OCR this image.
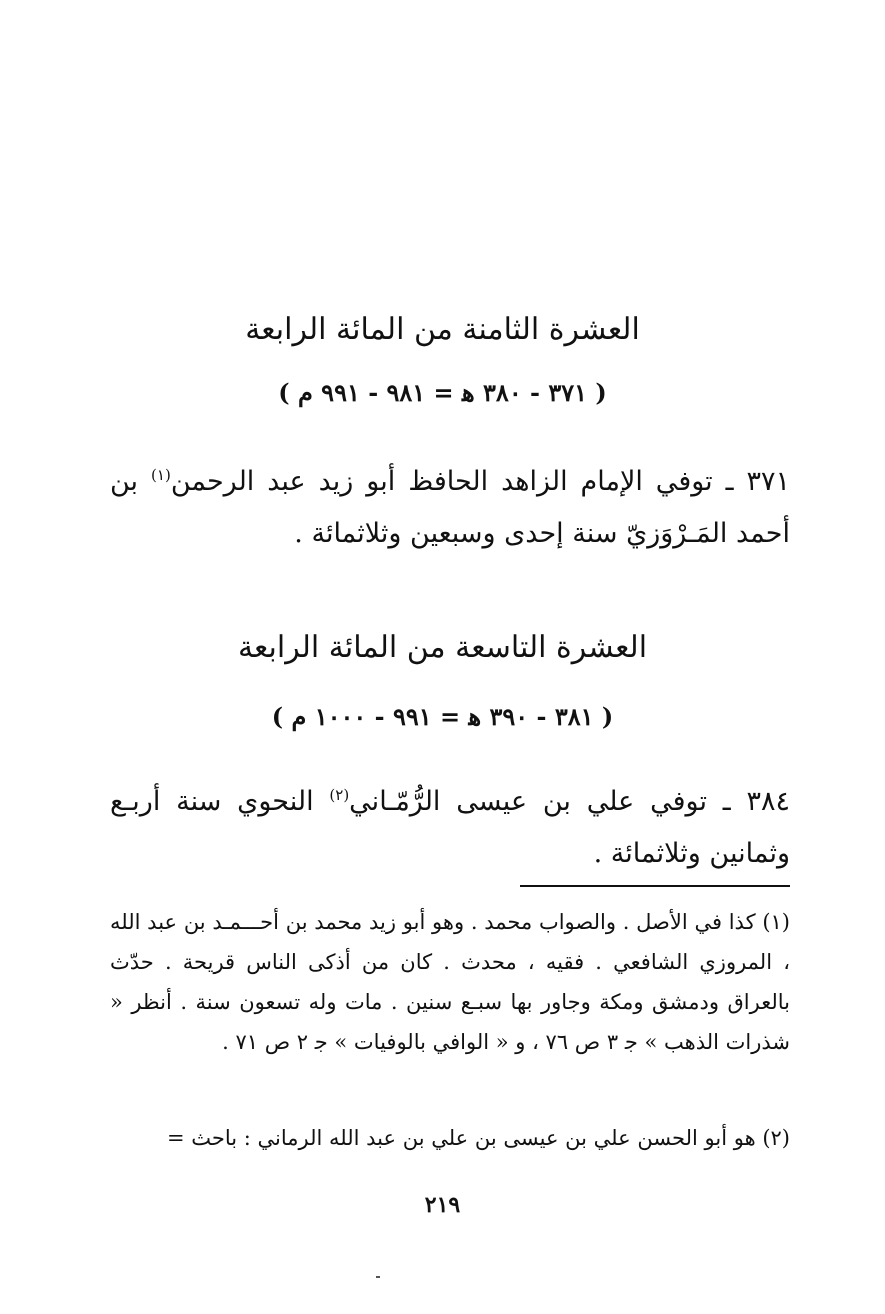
العشرة الثامنة من المائة الرابعة
( ٣٧١ - ٣٨٠ ﻫ = ٩٨١ - ٩٩١ م )
٣٧١ ـ توفي الإمام الزاهد الحافظ أبو زيد عبد الرحمن$^{(١)}$ بن أحمد المَـرْوَزيّ سنة إحدى وسبعين وثلاثمائة .
العشرة التاسعة من المائة الرابعة
( ٣٨١ - ٣٩٠ ﻫ = ٩٩١ - ١٠٠٠ م )
٣٨٤ ـ توفي علي بن عيسى الرُّمّـاني$^{(٢)}$ النحوي سنة أربـع وثمانين وثلاثمائة .
(١) كذا في الأصل . والصواب محمد . وهو أبو زيد محمد بن أحـــمـد بن عبد الله ، المروزي الشافعي . فقيه ، محدث . كان من أذكى الناس قريحة . حدّث بالعراق ودمشق ومكة وجاور بها سبـع سنين . مات وله تسعون سنة . أنظر « شذرات الذهب » ﺟ ٣ ص ٧٦ ، و « الوافي بالوفيات » ﺟ ٢ ص ٧١ .
(٢) هو أبو الحسن علي بن عيسى بن علي بن عبد الله الرماني : باحث =
٢١٩
